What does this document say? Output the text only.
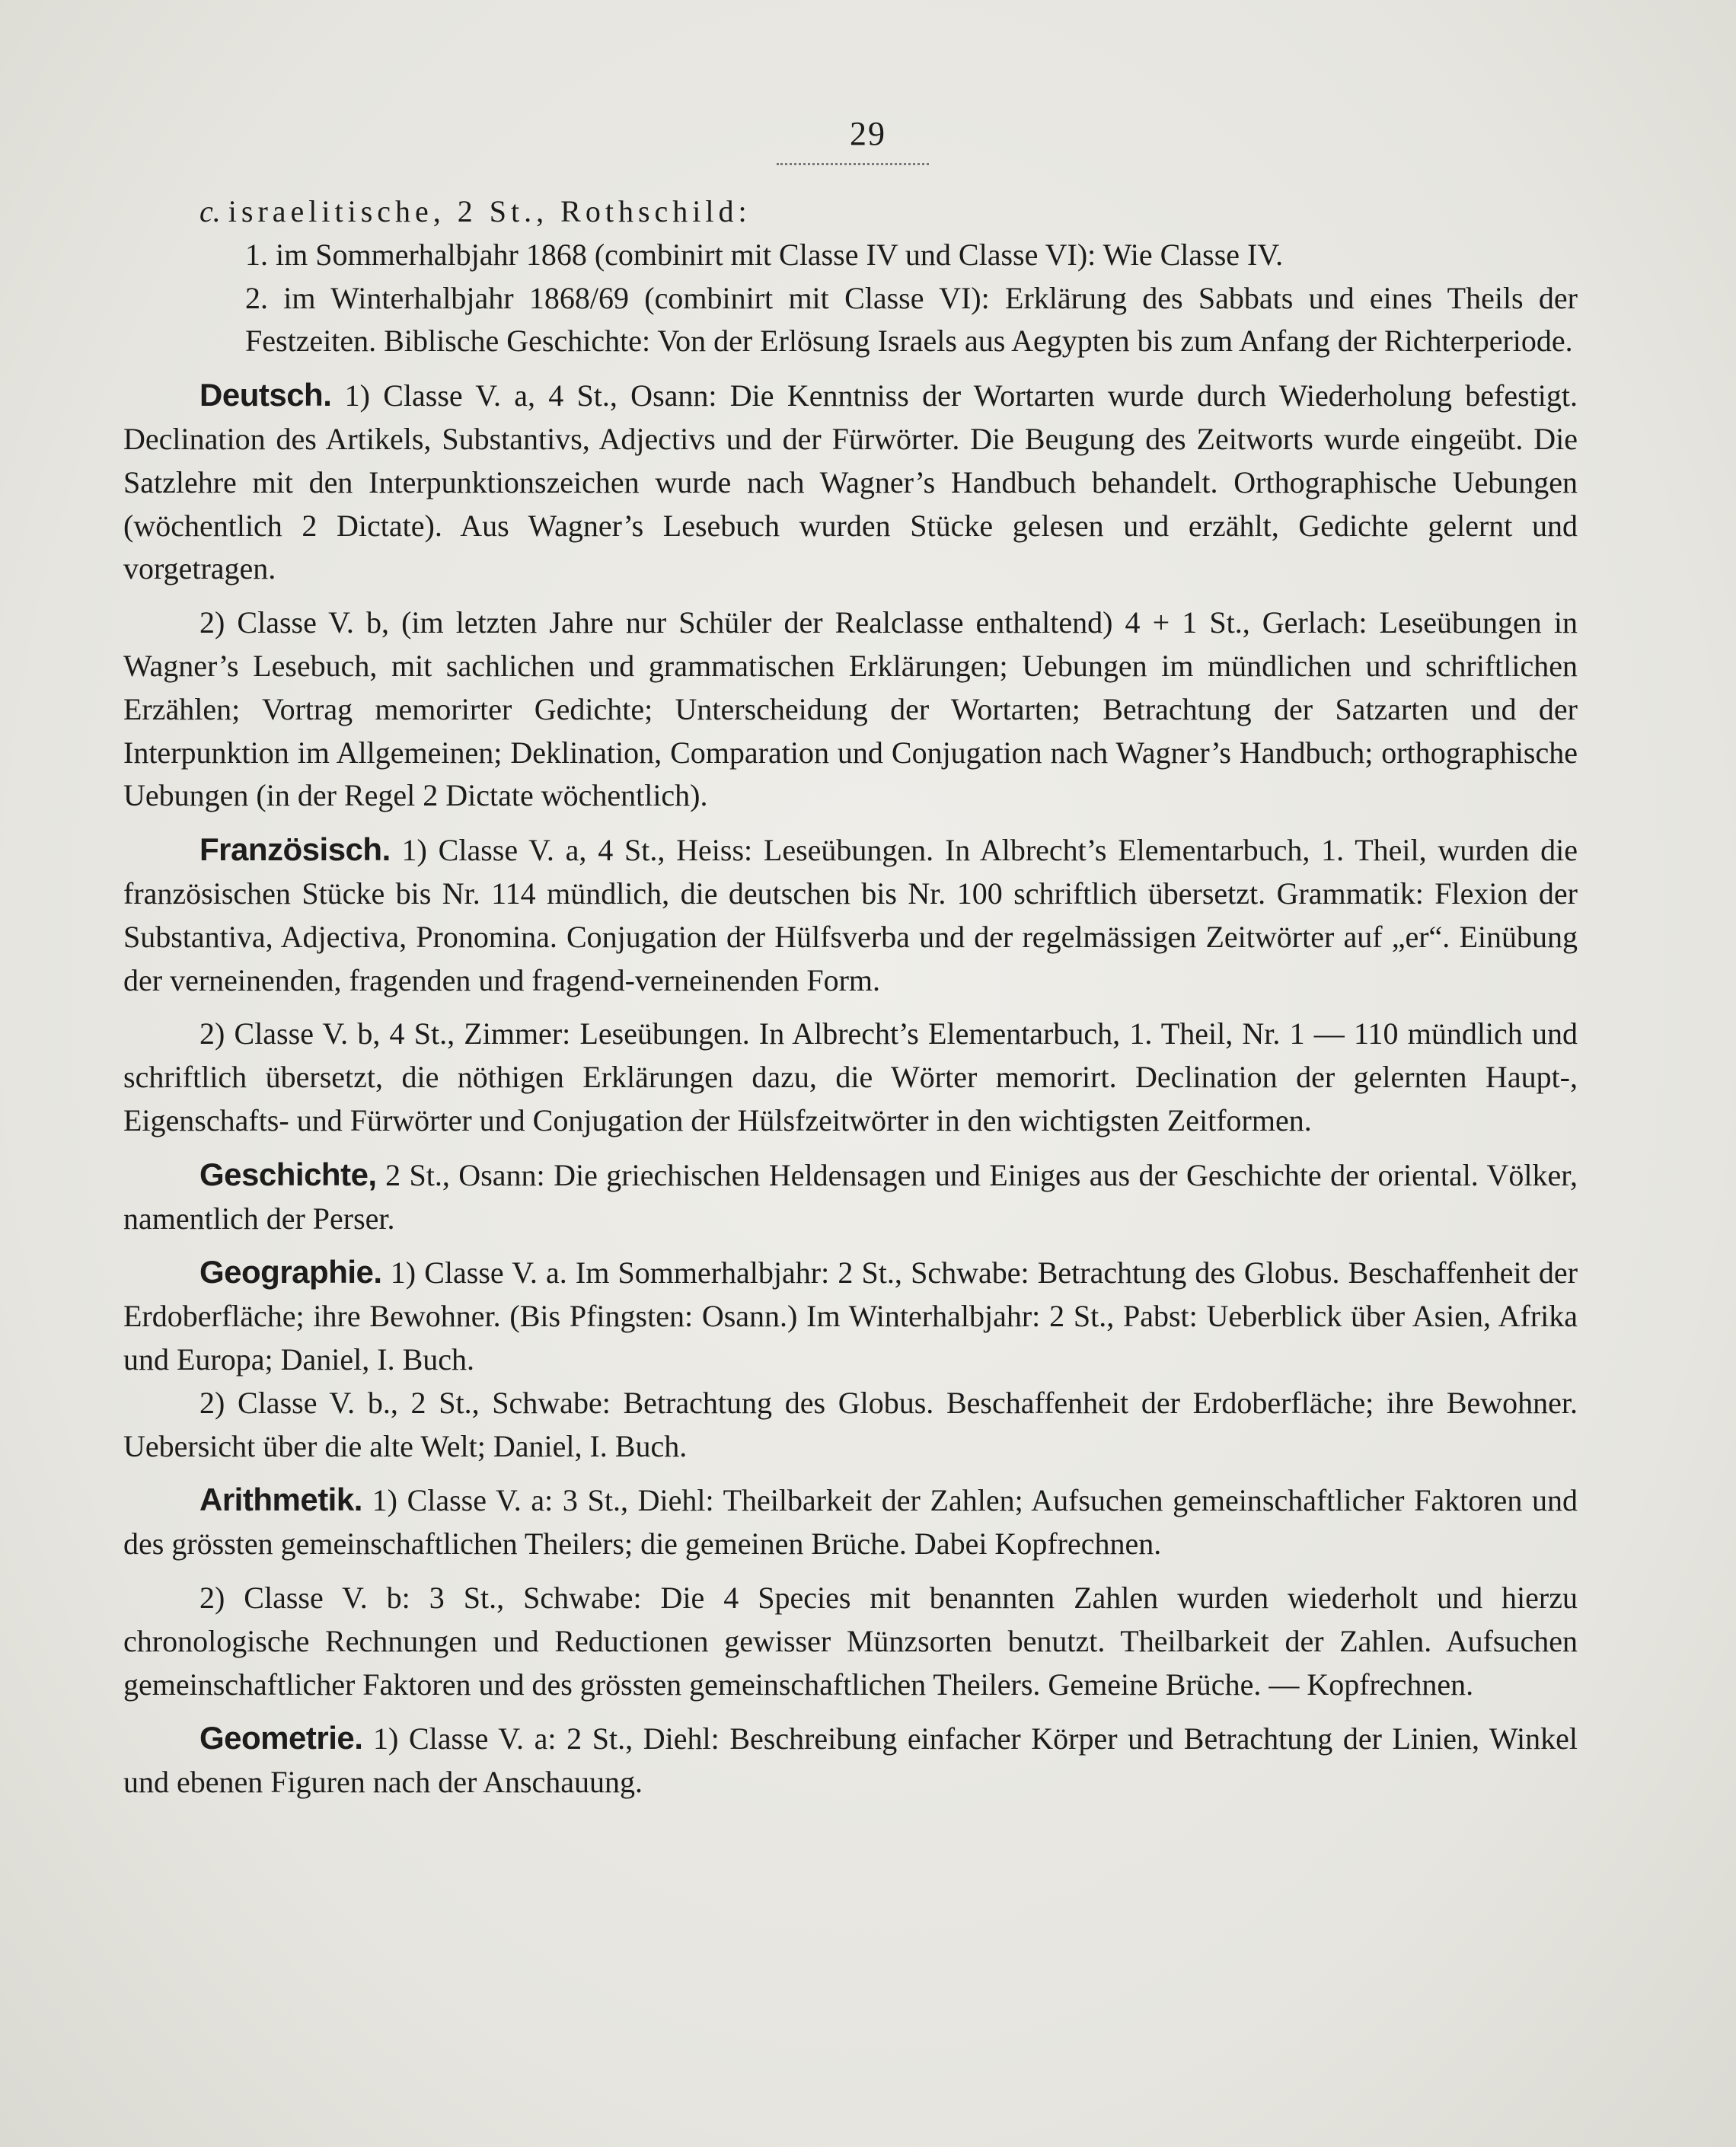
29
c. israelitische, 2 St., Rothschild:

1. im Sommerhalbjahr 1868 (combinirt mit Classe IV und Classe VI): Wie Classe IV.

2. im Winterhalbjahr 1868/69 (combinirt mit Classe VI): Erklärung des Sabbats und eines Theils der Festzeiten. Biblische Geschichte: Von der Erlösung Israels aus Aegypten bis zum Anfang der Richterperiode.

Deutsch. 1) Classe V. a, 4 St., Osann: Die Kenntniss der Wortarten wurde durch Wiederholung befestigt. Declination des Artikels, Substantivs, Adjectivs und der Fürwörter. Die Beugung des Zeitworts wurde eingeübt. Die Satzlehre mit den Interpunktionszeichen wurde nach Wagner’s Handbuch behandelt. Orthographische Uebungen (wöchentlich 2 Dictate). Aus Wagner’s Lesebuch wurden Stücke gelesen und erzählt, Gedichte gelernt und vorgetragen.

2) Classe V. b, (im letzten Jahre nur Schüler der Realclasse enthaltend) 4 + 1 St., Gerlach: Leseübungen in Wagner’s Lesebuch, mit sachlichen und grammatischen Erklärungen; Uebungen im mündlichen und schriftlichen Erzählen; Vortrag memorirter Gedichte; Unterscheidung der Wortarten; Betrachtung der Satzarten und der Interpunktion im Allgemeinen; Deklination, Comparation und Conjugation nach Wagner’s Handbuch; orthographische Uebungen (in der Regel 2 Dictate wöchentlich).

Französisch. 1) Classe V. a, 4 St., Heiss: Leseübungen. In Albrecht’s Elementarbuch, 1. Theil, wurden die französischen Stücke bis Nr. 114 mündlich, die deutschen bis Nr. 100 schriftlich übersetzt. Grammatik: Flexion der Substantiva, Adjectiva, Pronomina. Conjugation der Hülfsverba und der regelmässigen Zeitwörter auf „er“. Einübung der verneinenden, fragenden und fragend-verneinenden Form.

2) Classe V. b, 4 St., Zimmer: Leseübungen. In Albrecht’s Elementarbuch, 1. Theil, Nr. 1 — 110 mündlich und schriftlich übersetzt, die nöthigen Erklärungen dazu, die Wörter memorirt. Declination der gelernten Haupt-, Eigenschafts- und Fürwörter und Conjugation der Hülsfzeitwörter in den wichtigsten Zeitformen.

Geschichte, 2 St., Osann: Die griechischen Heldensagen und Einiges aus der Geschichte der oriental. Völker, namentlich der Perser.

Geographie. 1) Classe V. a. Im Sommerhalbjahr: 2 St., Schwabe: Betrachtung des Globus. Beschaffenheit der Erdoberfläche; ihre Bewohner. (Bis Pfingsten: Osann.) Im Winterhalbjahr: 2 St., Pabst: Ueberblick über Asien, Afrika und Europa; Daniel, I. Buch.

2) Classe V. b., 2 St., Schwabe: Betrachtung des Globus. Beschaffenheit der Erdoberfläche; ihre Bewohner. Uebersicht über die alte Welt; Daniel, I. Buch.

Arithmetik. 1) Classe V. a: 3 St., Diehl: Theilbarkeit der Zahlen; Aufsuchen gemeinschaftlicher Faktoren und des grössten gemeinschaftlichen Theilers; die gemeinen Brüche. Dabei Kopfrechnen.

2) Classe V. b: 3 St., Schwabe: Die 4 Species mit benannten Zahlen wurden wiederholt und hierzu chronologische Rechnungen und Reductionen gewisser Münzsorten benutzt. Theilbarkeit der Zahlen. Aufsuchen gemeinschaftlicher Faktoren und des grössten gemeinschaftlichen Theilers. Gemeine Brüche. — Kopfrechnen.

Geometrie. 1) Classe V. a: 2 St., Diehl: Beschreibung einfacher Körper und Betrachtung der Linien, Winkel und ebenen Figuren nach der Anschauung.
